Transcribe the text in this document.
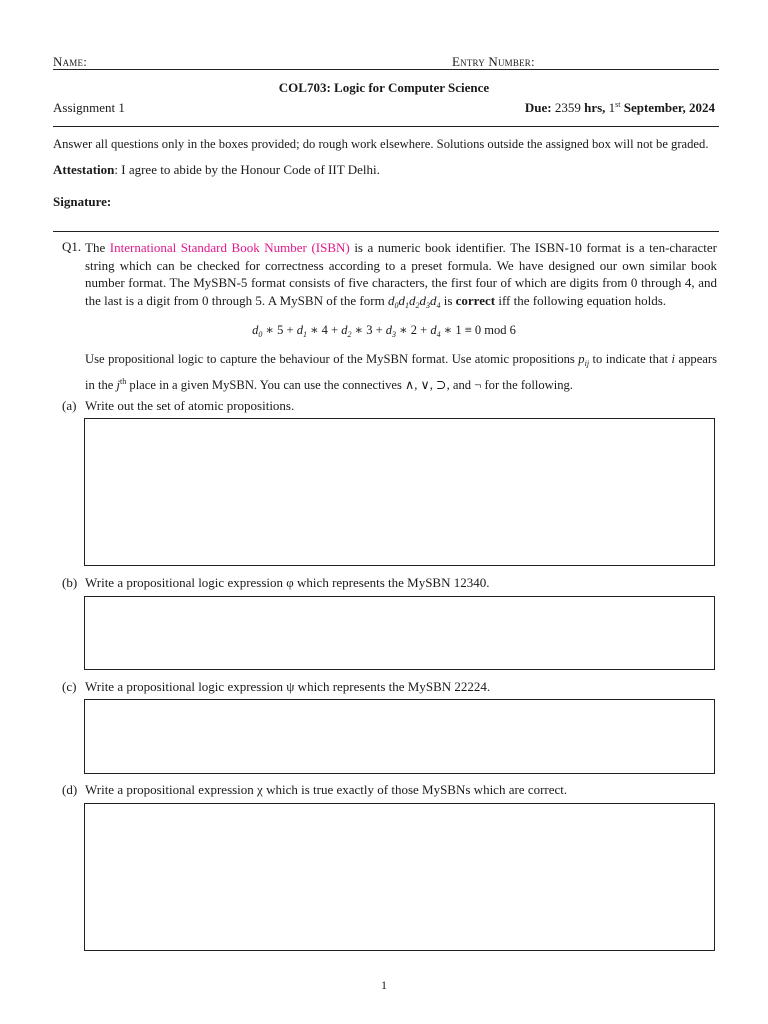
Name:	Entry Number:
COL703: Logic for Computer Science
Assignment 1	Due: 2359 hrs, 1st September, 2024
Answer all questions only in the boxes provided; do rough work elsewhere. Solutions outside the assigned box will not be graded.
Attestation: I agree to abide by the Honour Code of IIT Delhi.
Signature:
Q1. The International Standard Book Number (ISBN) is a numeric book identifier. The ISBN-10 format is a ten-character string which can be checked for correctness according to a preset formula. We have designed our own similar book number format. The MySBN-5 format consists of five characters, the first four of which are digits from 0 through 4, and the last is a digit from 0 through 5. A MySBN of the form $d_0d_1d_2d_3d_4$ is correct iff the following equation holds.
$d_0$ ∗ $5 + d_1$ ∗ $4 + d_2$ ∗ $3 + d_3$ ∗ $2 + d_4$ ∗ 1 ≡ 0 mod 6
Use propositional logic to capture the behaviour of the MySBN format. Use atomic propositions $p_{ij}$ to indicate that i appears in the $j^{th}$ place in a given MySBN. You can use the connectives ∧, ∨, ⊃, and ¬ for the following.
(a) Write out the set of atomic propositions.
(b) Write a propositional logic expression φ which represents the MySBN 12340.
(c) Write a propositional logic expression ψ which represents the MySBN 22224.
(d) Write a propositional expression χ which is true exactly of those MySBNs which are correct.
1
